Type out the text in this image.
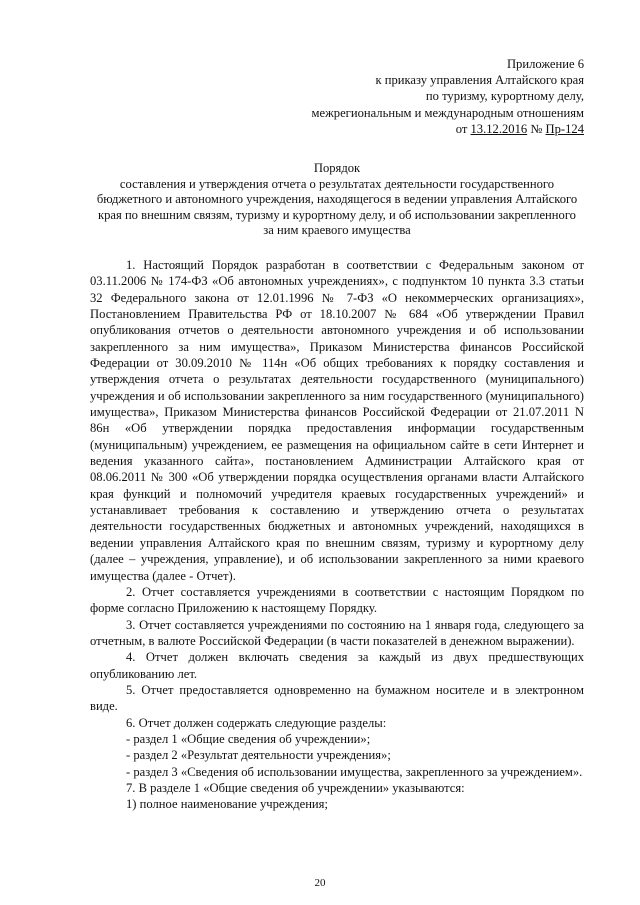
Приложение 6
к приказу управления Алтайского края
по туризму, курортному делу,
межрегиональным и международным отношениям
от 13.12.2016 № Пр-124
Порядок
составления и утверждения отчета о результатах деятельности государственного бюджетного и автономного учреждения, находящегося в ведении управления Алтайского края по внешним связям, туризму и курортному делу, и об использовании закрепленного за ним краевого имущества

1. Настоящий Порядок разработан в соответствии с Федеральным законом от 03.11.2006 № 174-ФЗ «Об автономных учреждениях», с подпунктом 10 пункта 3.3 статьи 32 Федерального закона от 12.01.1996 № 7-ФЗ «О некоммерческих организациях», Постановлением Правительства РФ от 18.10.2007 № 684 «Об утверждении Правил опубликования отчетов о деятельности автономного учреждения и об использовании закрепленного за ним имущества», Приказом Министерства финансов Российской Федерации от 30.09.2010 № 114н «Об общих требованиях к порядку составления и утверждения отчета о результатах деятельности государственного (муниципального) учреждения и об использовании закрепленного за ним государственного (муниципального) имущества», Приказом Министерства финансов Российской Федерации от 21.07.2011 N 86н «Об утверждении порядка предоставления информации государственным (муниципальным) учреждением, ее размещения на официальном сайте в сети Интернет и ведения указанного сайта», постановлением Администрации Алтайского края от 08.06.2011 № 300 «Об утверждении порядка осуществления органами власти Алтайского края функций и полномочий учредителя краевых государственных учреждений» и устанавливает требования к составлению и утверждению отчета о результатах деятельности государственных бюджетных и автономных учреждений, находящихся в ведении управления Алтайского края по внешним связям, туризму и курортному делу (далее – учреждения, управление), и об использовании закрепленного за ними краевого имущества (далее - Отчет).

2. Отчет составляется учреждениями в соответствии с настоящим Порядком по форме согласно Приложению к настоящему Порядку.

3. Отчет составляется учреждениями по состоянию на 1 января года, следующего за отчетным, в валюте Российской Федерации (в части показателей в денежном выражении).

4. Отчет должен включать сведения за каждый из двух предшествующих опубликованию лет.

5. Отчет предоставляется одновременно на бумажном носителе и в электронном виде.

6. Отчет должен содержать следующие разделы:

- раздел 1 «Общие сведения об учреждении»;

- раздел 2 «Результат деятельности учреждения»;

- раздел 3 «Сведения об использовании имущества, закрепленного за учреждением».

7. В разделе 1 «Общие сведения об учреждении» указываются:

1) полное наименование учреждения;

20
